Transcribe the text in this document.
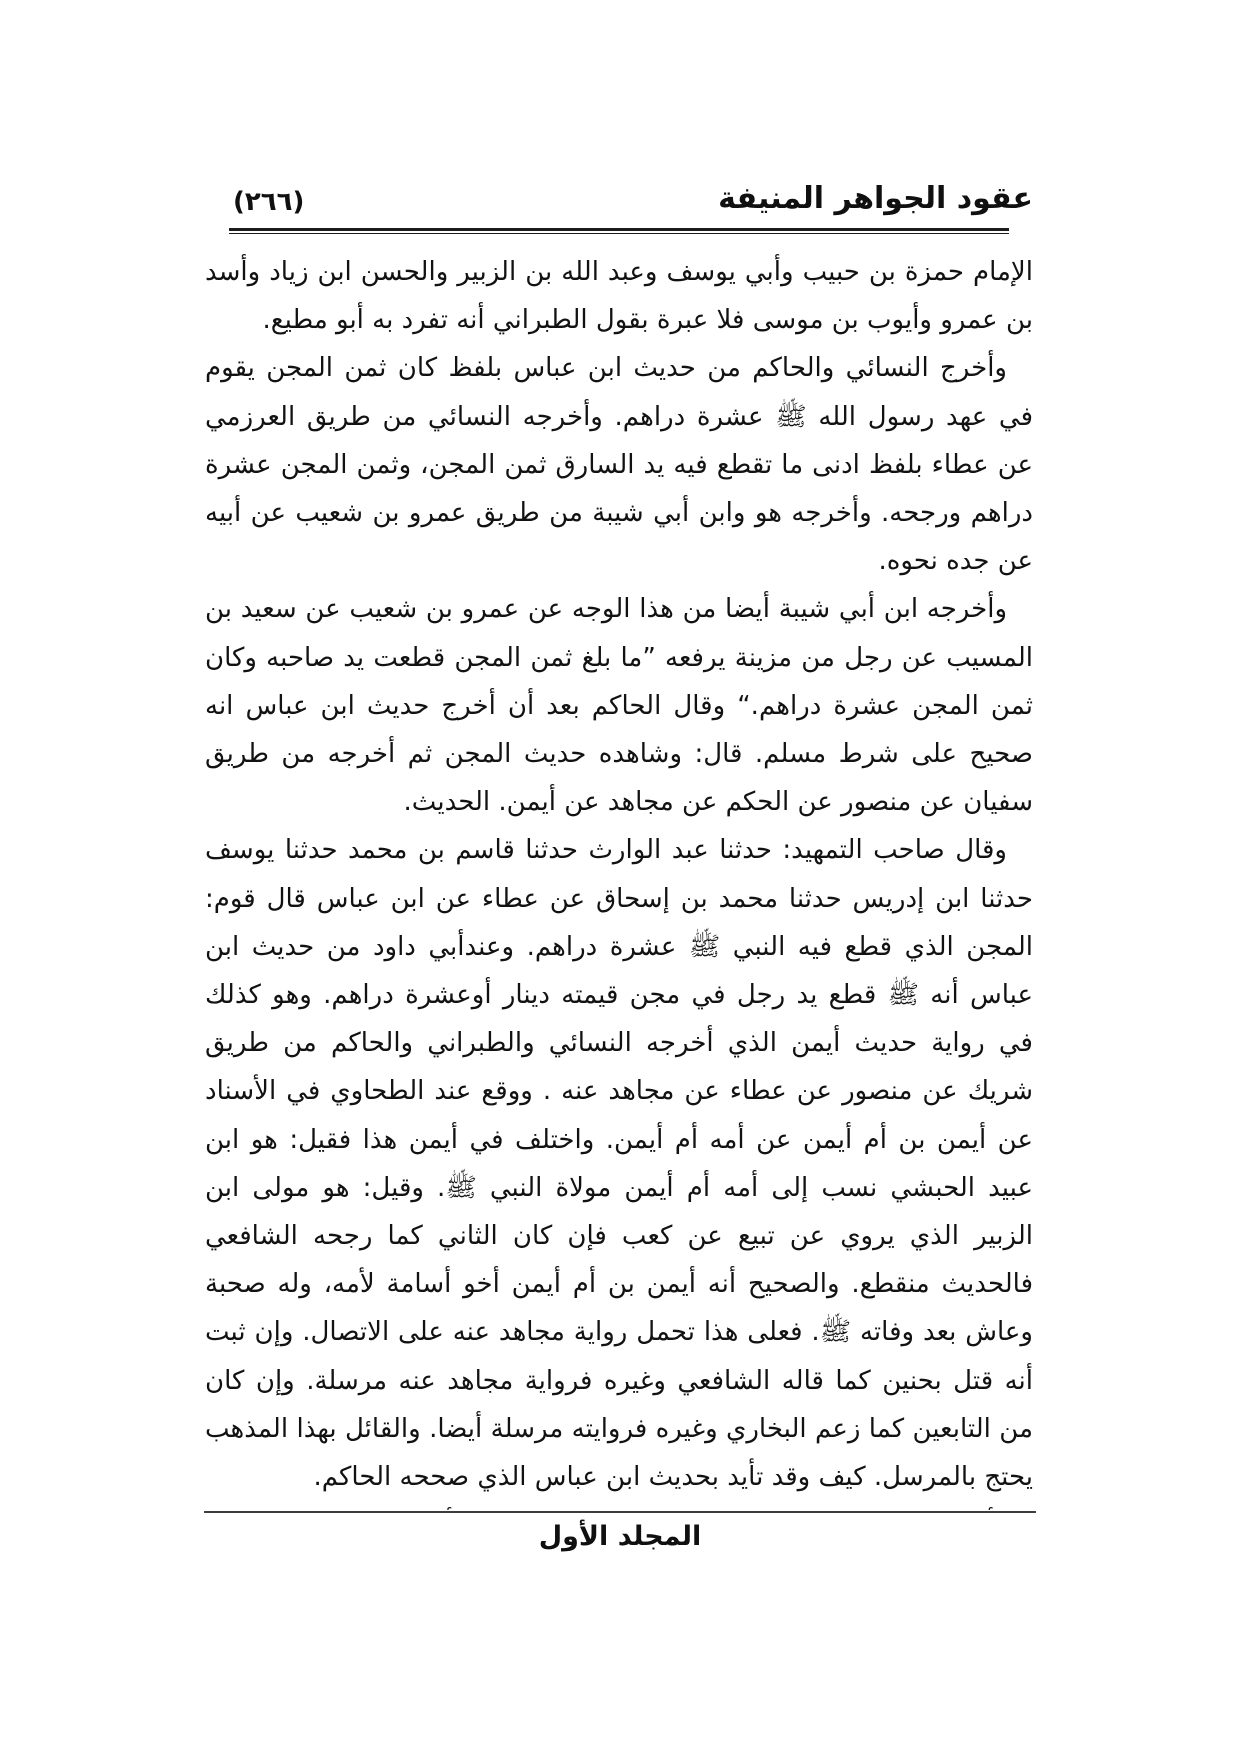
عقود الجواهر المنيفة
(٢٦٦)

الإمام حمزة بن حبيب وأبي يوسف وعبد الله بن الزبير والحسن ابن زياد وأسد بن عمرو وأيوب بن موسى فلا عبرة بقول الطبراني أنه تفرد به أبو مطيع.

وأخرج النسائي والحاكم من حديث ابن عباس بلفظ كان ثمن المجن يقوم في عهد رسول الله ﷺ عشرة دراهم. وأخرجه النسائي من طريق العرزمي عن عطاء بلفظ ادنى ما تقطع فيه يد السارق ثمن المجن، وثمن المجن عشرة دراهم ورجحه. وأخرجه هو وابن أبي شيبة من طريق عمرو بن شعيب عن أبيه عن جده نحوه.

وأخرجه ابن أبي شيبة أيضا من هذا الوجه عن عمرو بن شعيب عن سعيد بن المسيب عن رجل من مزينة يرفعه ”ما بلغ ثمن المجن قطعت يد صاحبه وكان ثمن المجن عشرة دراهم.“ وقال الحاكم بعد أن أخرج حديث ابن عباس انه صحيح على شرط مسلم. قال: وشاهده حديث المجن ثم أخرجه من طريق سفيان عن منصور عن الحكم عن مجاهد عن أيمن. الحديث.

وقال صاحب التمهيد: حدثنا عبد الوارث حدثنا قاسم بن محمد حدثنا يوسف حدثنا ابن إدريس حدثنا محمد بن إسحاق عن عطاء عن ابن عباس قال قوم: المجن الذي قطع فيه النبي ﷺ عشرة دراهم. وعندأبي داود من حديث ابن عباس أنه ﷺ قطع يد رجل في مجن قيمته دينار أوعشرة دراهم. وهو كذلك في رواية حديث أيمن الذي أخرجه النسائي والطبراني والحاكم من طريق شريك عن منصور عن عطاء عن مجاهد عنه . ووقع عند الطحاوي في الأسناد عن أيمن بن أم أيمن عن أمه أم أيمن. واختلف في أيمن هذا فقيل: هو ابن عبيد الحبشي نسب إلى أمه أم أيمن مولاة النبي ﷺ. وقيل: هو مولى ابن الزبير الذي يروي عن تبيع عن كعب فإن كان الثاني كما رجحه الشافعي فالحديث منقطع. والصحيح أنه أيمن بن أم أيمن أخو أسامة لأمه، وله صحبة وعاش بعد وفاته ﷺ. فعلى هذا تحمل رواية مجاهد عنه على الاتصال. وإن ثبت أنه قتل بحنين كما قاله الشافعي وغيره فرواية مجاهد عنه مرسلة. وإن كان من التابعين كما زعم البخاري وغيره فروايته مرسلة أيضا. والقائل بهذا المذهب يحتج بالمرسل. كيف وقد تأيد بحديث ابن عباس الذي صححه الحاكم.

المجلد الأول
